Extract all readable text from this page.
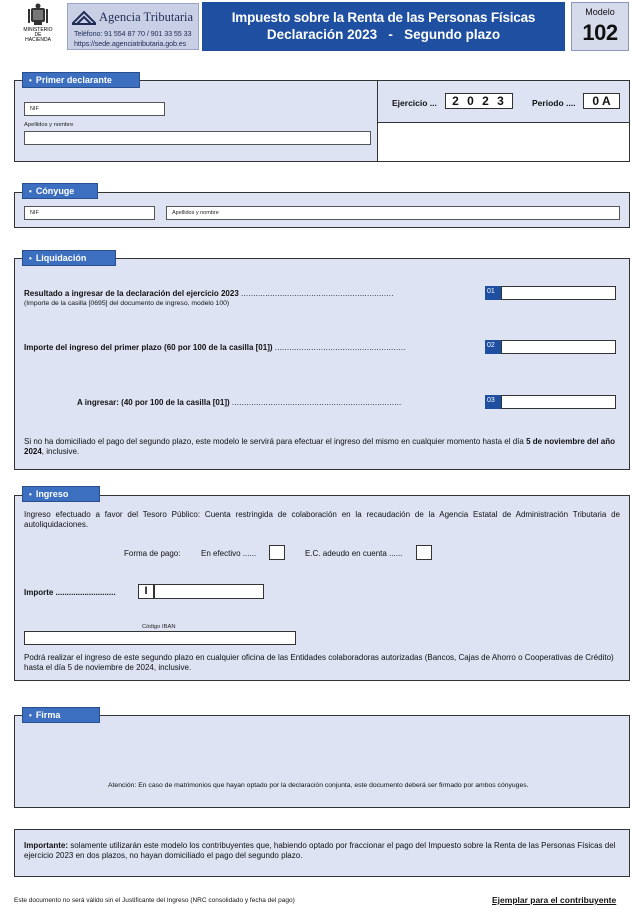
MINISTERIO DE HACIENDA
Agencia Tributaria
Teléfono: 91 554 87 70 / 901 33 55 33
https://sede.agenciatributaria.gob.es
Impuesto sobre la Renta de las Personas Físicas
Declaración 2023   -   Segundo plazo
Modelo
102
• Primer declarante
NIF
Apellidos y nombre
Ejercicio ...	2 0 2 3	Periodo ....	0 A
• Cónyuge
NIF	Apellidos y nombre
• Liquidación
Resultado a ingresar de la declaración del ejercicio 2023 ...............................................................
(Importe de la casilla [0695] del documento de ingreso, modelo 100)
01
Importe del ingreso del primer plazo (60 por 100 de la casilla [01]) ......................................................	02
A ingresar: (40 por 100 de la casilla [01]) ......................................................................	03
Si no ha domiciliado el pago del segundo plazo, este modelo le servirá para efectuar el ingreso del mismo en cualquier momento hasta el día 5 de noviembre del año 2024, inclusive.
• Ingreso
Ingreso efectuado a favor del Tesoro Público: Cuenta restringida de colaboración en la recaudación de la Agencia Estatal de Administración Tributaria de autoliquidaciones.
Forma de pago:	En efectivo ......	E.C. adeudo en cuenta ......
Importe ...........................	I
Código IBAN
Podrá realizar el ingreso de este segundo plazo en cualquier oficina de las Entidades colaboradoras autorizadas (Bancos, Cajas de Ahorro o Cooperativas de Crédito) hasta el día 5 de noviembre de 2024, inclusive.
• Firma
Atención: En caso de matrimonios que hayan optado por la declaración conjunta, este documento deberá ser firmado por ambos cónyuges.
Importante: solamente utilizarán este modelo los contribuyentes que, habiendo optado por fraccionar el pago del Impuesto sobre la Renta de las Personas Físicas del ejercicio 2023 en dos plazos, no hayan domiciliado el pago del segundo plazo.
Este documento no será válido sin el Justificante del Ingreso (NRC consolidado y fecha del pago)	Ejemplar para el contribuyente
